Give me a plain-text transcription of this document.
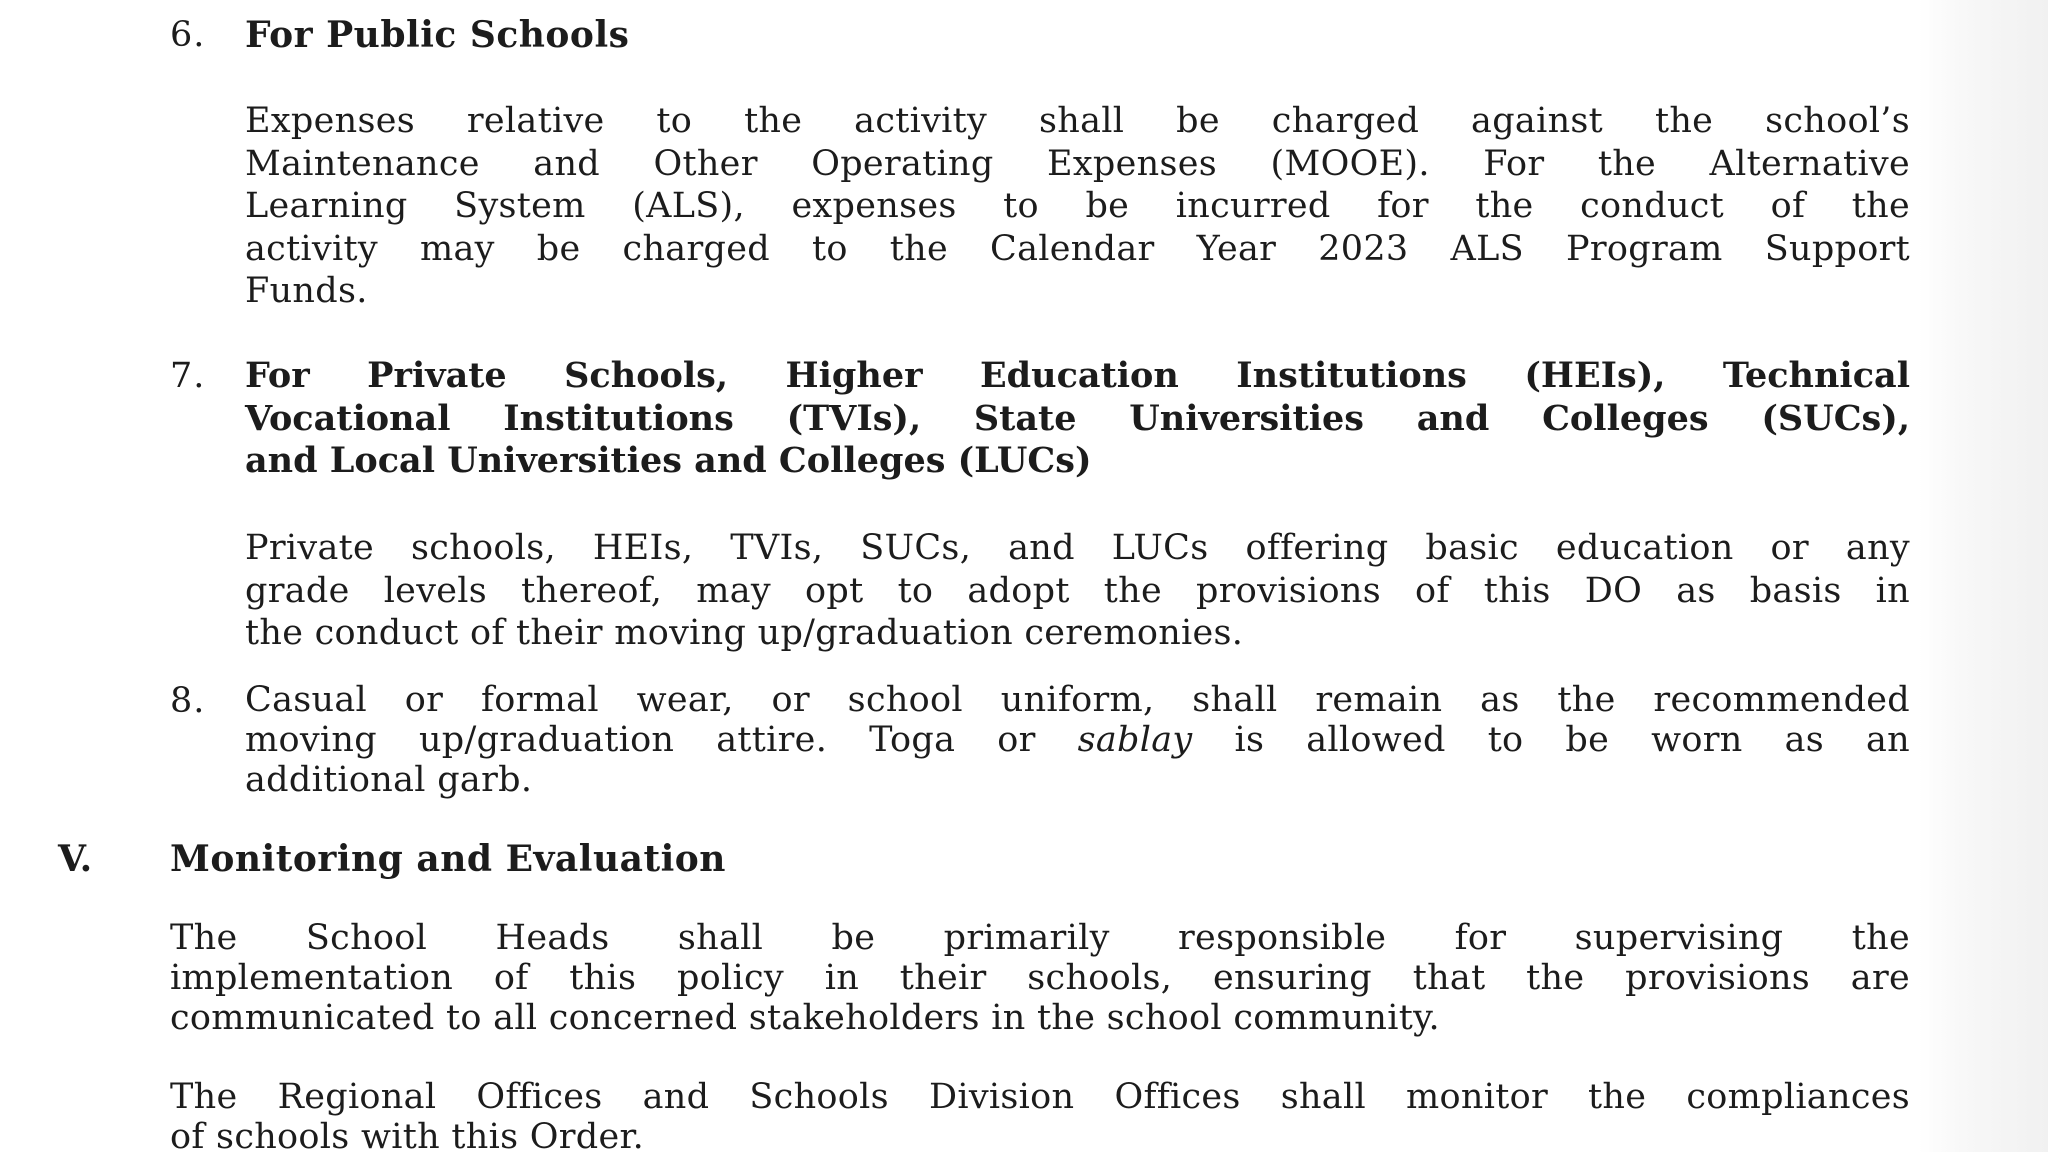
6. For Public Schools
Expenses relative to the activity shall be charged against the school’s
Maintenance and Other Operating Expenses (MOOE). For the Alternative
Learning System (ALS), expenses to be incurred for the conduct of the
activity may be charged to the Calendar Year 2023 ALS Program Support
Funds.
7. For Private Schools, Higher Education Institutions (HEIs), Technical
Vocational Institutions (TVIs), State Universities and Colleges (SUCs),
and Local Universities and Colleges (LUCs)
Private schools, HEIs, TVIs, SUCs, and LUCs offering basic education or any
grade levels thereof, may opt to adopt the provisions of this DO as basis in
the conduct of their moving up/graduation ceremonies.
8. Casual or formal wear, or school uniform, shall remain as the recommended
moving up/graduation attire. Toga or sablay is allowed to be worn as an
additional garb.
V. Monitoring and Evaluation
The School Heads shall be primarily responsible for supervising the
implementation of this policy in their schools, ensuring that the provisions are
communicated to all concerned stakeholders in the school community.
The Regional Offices and Schools Division Offices shall monitor the compliances
of schools with this Order.
